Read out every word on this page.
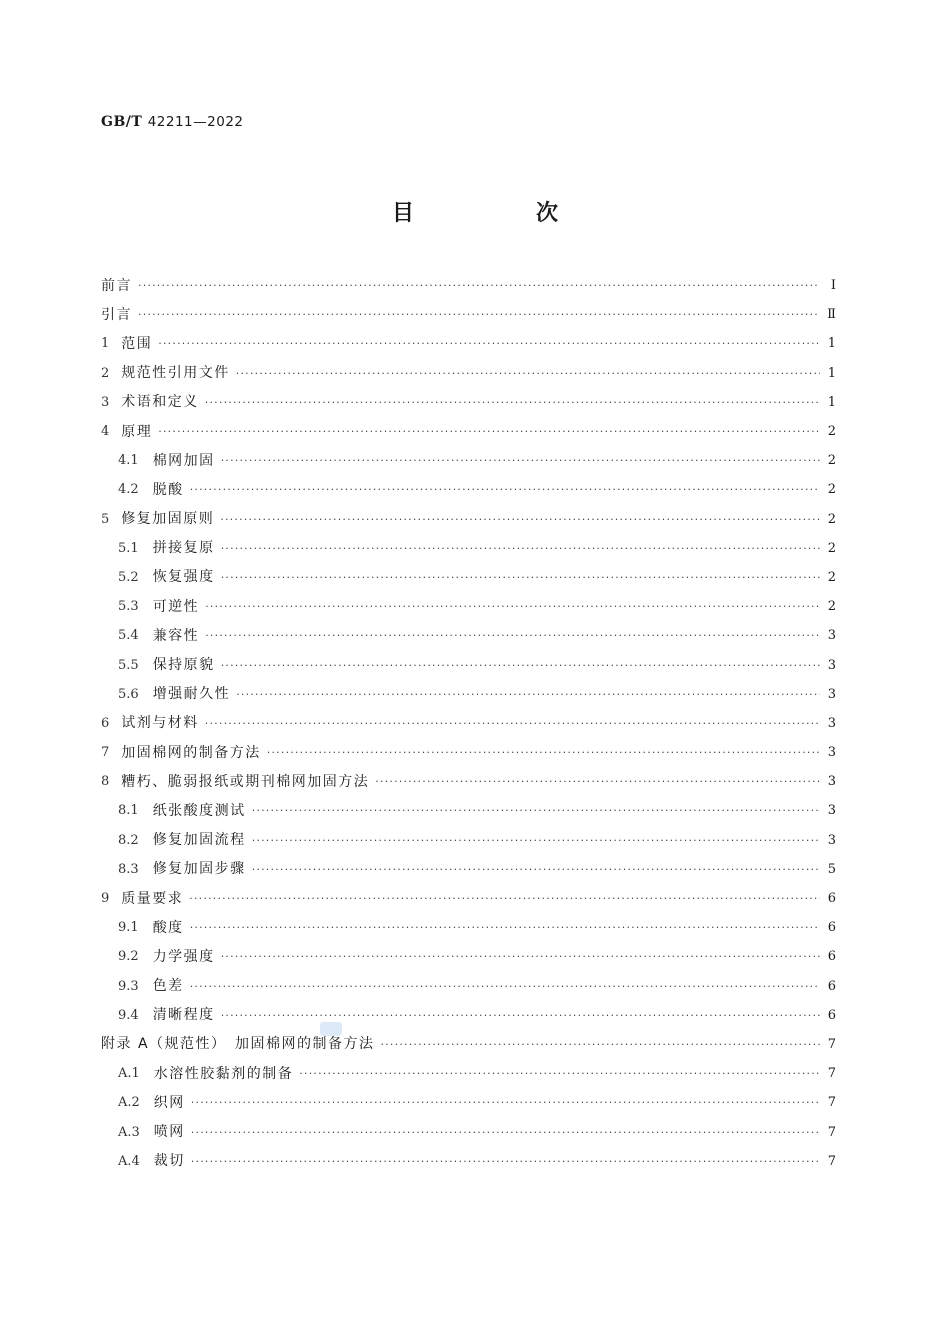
GB/T 42211—2022
目　次
前言 ·····	Ⅰ
引言 ·····	Ⅱ
1 范围 ·····	1
2 规范性引用文件 ·····	1
3 术语和定义 ·····	1
4 原理 ·····	2
4.1 棉网加固 ·····	2
4.2 脱酸 ·····	2
5 修复加固原则 ·····	2
5.1 拼接复原 ·····	2
5.2 恢复强度 ·····	2
5.3 可逆性 ·····	2
5.4 兼容性 ·····	3
5.5 保持原貌 ·····	3
5.6 增强耐久性 ·····	3
6 试剂与材料 ·····	3
7 加固棉网的制备方法 ·····	3
8 糟朽、脆弱报纸或期刊棉网加固方法 ·····	3
8.1 纸张酸度测试 ·····	3
8.2 修复加固流程 ·····	3
8.3 修复加固步骤 ·····	5
9 质量要求 ·····	6
9.1 酸度 ·····	6
9.2 力学强度 ·····	6
9.3 色差 ·····	6
9.4 清晰程度 ·····	6
附录 A（规范性）　加固棉网的制备方法 ·····	7
A.1 水溶性胶黏剂的制备 ·····	7
A.2 织网 ·····	7
A.3 喷网 ·····	7
A.4 裁切 ·····	7
